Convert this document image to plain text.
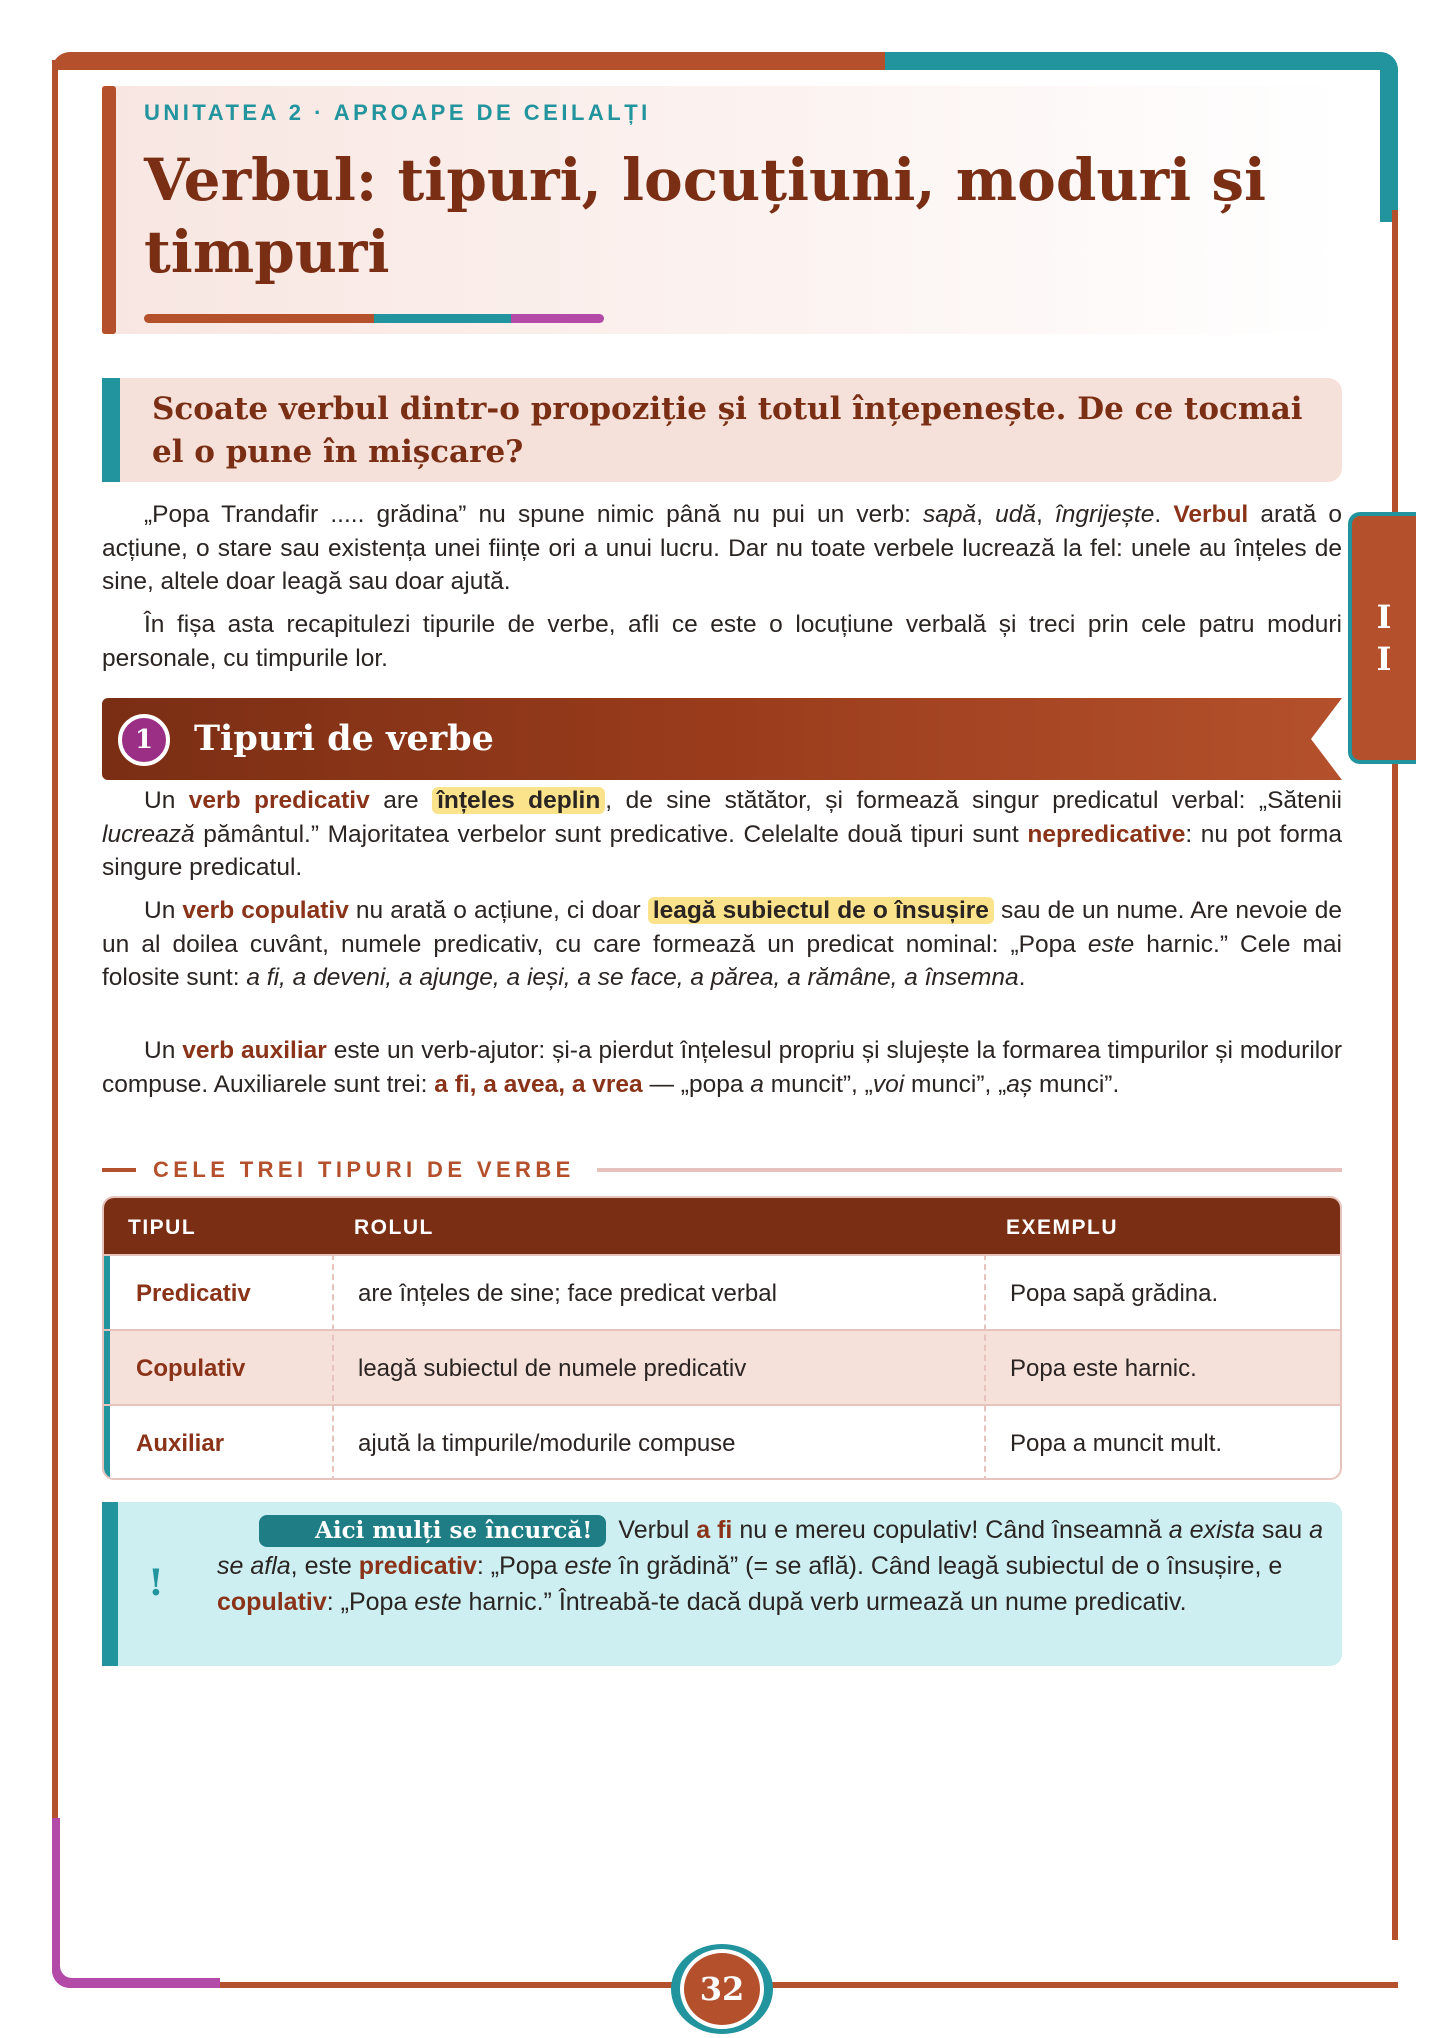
I
I
UNITATEA 2 · APROAPE DE CEILALȚI
Verbul: tipuri, locuțiuni, moduri și timpuri
Scoate verbul dintr-o propoziție și totul înțepenește. De ce tocmai el o pune în mișcare?

„Popa Trandafir ..... grădina” nu spune nimic până nu pui un verb: sapă, udă, îngrijește. Verbul arată o acțiune, o stare sau existența unei ființe ori a unui lucru. Dar nu toate verbele lucrează la fel: unele au înțeles de sine, altele doar leagă sau doar ajută.

În fișa asta recapitulezi tipurile de verbe, afli ce este o locuțiune verbală și treci prin cele patru moduri personale, cu timpurile lor.

1	Tipuri de verbe

Un verb predicativ are înțeles deplin , de sine stătător, și formează singur predicatul verbal: „Sătenii lucrează pământul.” Majoritatea verbelor sunt predicative. Celelalte două tipuri sunt nepredicative: nu pot forma singure predicatul.

Un verb copulativ nu arată o acțiune, ci doar leagă subiectul de o însușire sau de un nume. Are nevoie de un al doilea cuvânt, numele predicativ, cu care formează un predicat nominal: „Popa este harnic.” Cele mai folosite sunt: a fi, a deveni, a ajunge, a ieși, a se face, a părea, a rămâne, a însemna.

Un verb auxiliar este un verb-ajutor: și-a pierdut înțelesul propriu și slujește la formarea timpurilor și modurilor compuse. Auxiliarele sunt trei: a fi, a avea, a vrea — „popa a muncit”, „voi munci”, „aș munci”.

CELE TREI TIPURI DE VERBE
TIPUL	ROLUL	EXEMPLU
Predicativ	are înțeles de sine; face predicat verbal	Popa sapă grădina.
Copulativ	leagă subiectul de numele predicativ	Popa este harnic.
Auxiliar	ajută la timpurile/modurile compuse	Popa a muncit mult.
!

Aici mulți se încurcă! Verbul a fi nu e mereu copulativ! Când înseamnă a exista sau a se afla, este predicativ: „Popa este în grădină” (= se află). Când leagă subiectul de o însușire, e copulativ: „Popa este harnic.” Întreabă-te dacă după verb urmează un nume predicativ.

32
